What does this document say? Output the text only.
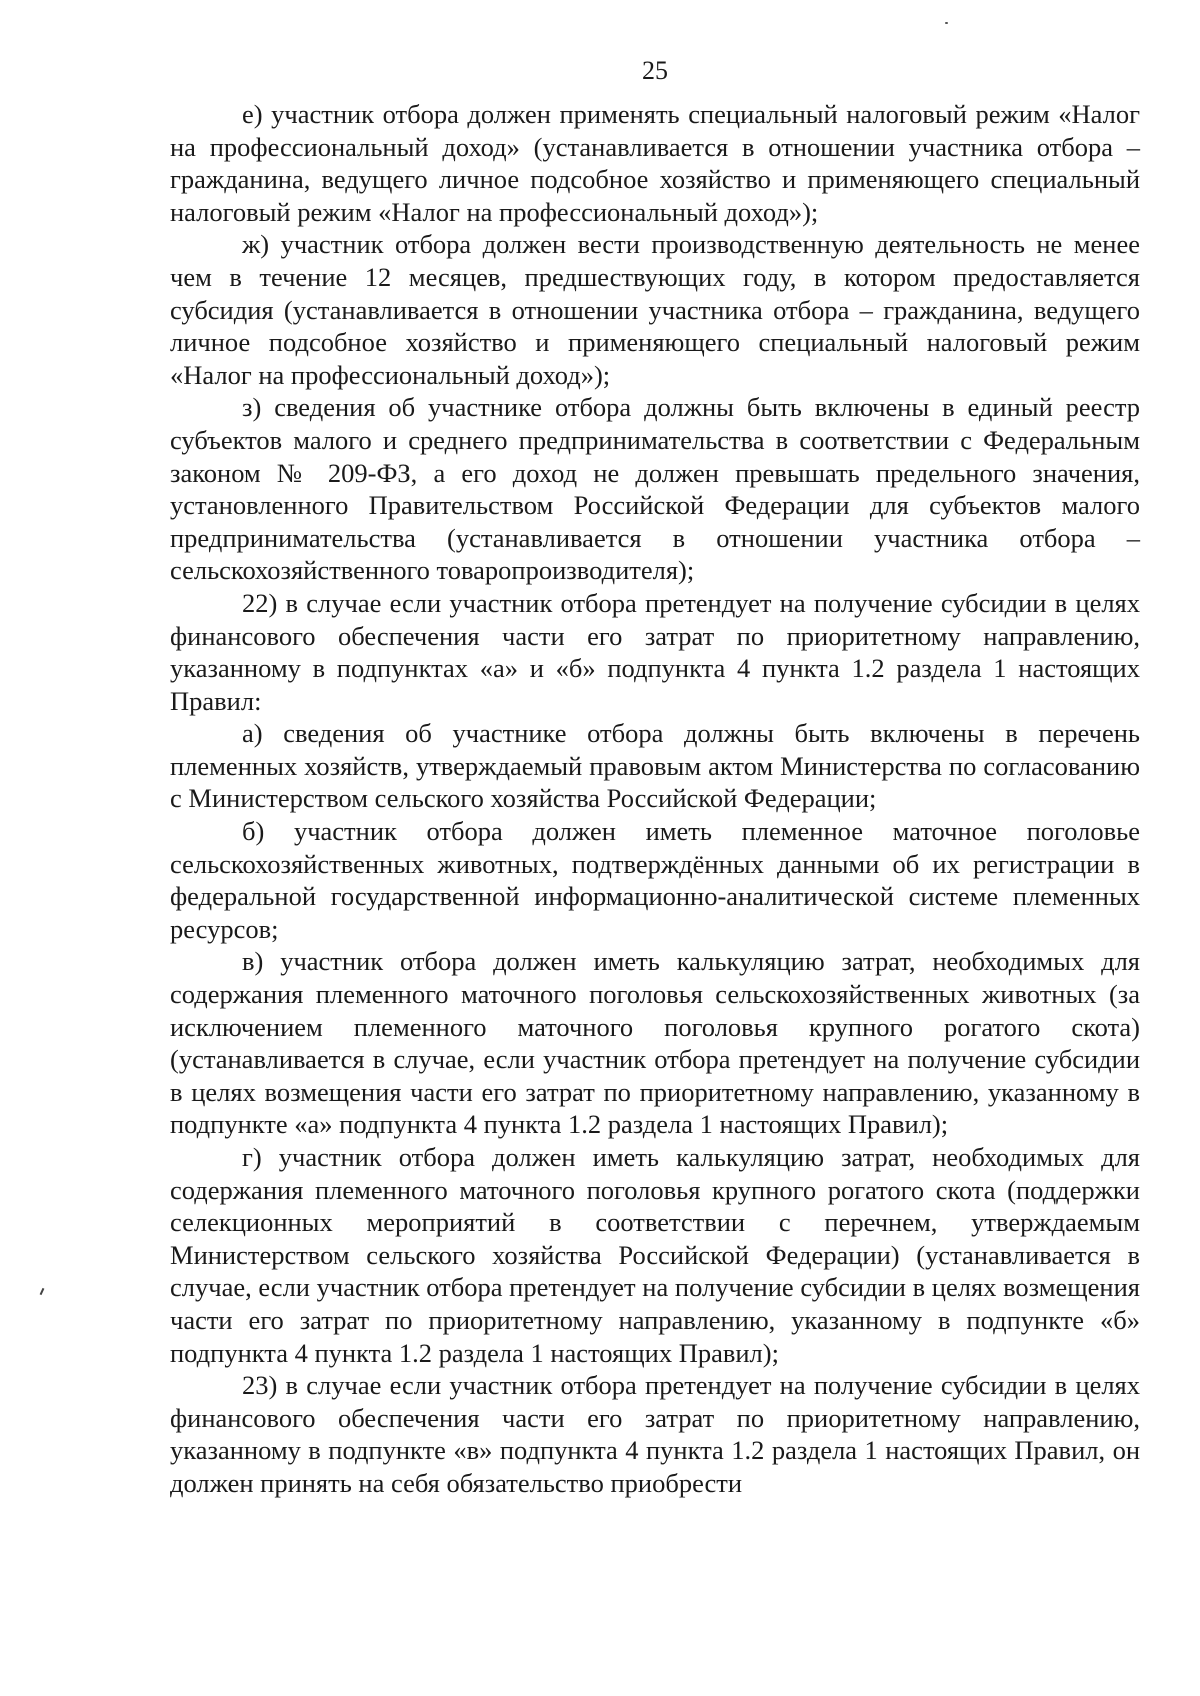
25

е) участник отбора должен применять специальный налоговый режим «Налог на профессиональный доход» (устанавливается в отношении участника отбора – гражданина, ведущего личное подсобное хозяйство и применяющего специальный налоговый режим «Налог на профессиональный доход»);

ж) участник отбора должен вести производственную деятельность не менее чем в течение 12 месяцев, предшествующих году, в котором предоставляется субсидия (устанавливается в отношении участника отбора – гражданина, ведущего личное подсобное хозяйство и применяющего специальный налоговый режим «Налог на профессиональный доход»);

з) сведения об участнике отбора должны быть включены в единый реестр субъектов малого и среднего предпринимательства в соответствии с Федеральным законом № 209-ФЗ, а его доход не должен превышать предельного значения, установленного Правительством Российской Федерации для субъектов малого предпринимательства (устанавливается в отношении участника отбора – сельскохозяйственного товаропроизводителя);

22) в случае если участник отбора претендует на получение субсидии в целях финансового обеспечения части его затрат по приоритетному направлению, указанному в подпунктах «а» и «б» подпункта 4 пункта 1.2 раздела 1 настоящих Правил:

а) сведения об участнике отбора должны быть включены в перечень племенных хозяйств, утверждаемый правовым актом Министерства по согласованию с Министерством сельского хозяйства Российской Федерации;

б) участник отбора должен иметь племенное маточное поголовье сельскохозяйственных животных, подтверждённых данными об их регистрации в федеральной государственной информационно-аналитической системе племенных ресурсов;

в) участник отбора должен иметь калькуляцию затрат, необходимых для содержания племенного маточного поголовья сельскохозяйственных животных (за исключением племенного маточного поголовья крупного рогатого скота) (устанавливается в случае, если участник отбора претендует на получение субсидии в целях возмещения части его затрат по приоритетному направлению, указанному в подпункте «а» подпункта 4 пункта 1.2 раздела 1 настоящих Правил);

г) участник отбора должен иметь калькуляцию затрат, необходимых для содержания племенного маточного поголовья крупного рогатого скота (поддержки селекционных мероприятий в соответствии с перечнем, утверждаемым Министерством сельского хозяйства Российской Федерации) (устанавливается в случае, если участник отбора претендует на получение субсидии в целях возмещения части его затрат по приоритетному направлению, указанному в подпункте «б» подпункта 4 пункта 1.2 раздела 1 настоящих Правил);

23) в случае если участник отбора претендует на получение субсидии в целях финансового обеспечения части его затрат по приоритетному направлению, указанному в подпункте «в» подпункта 4 пункта 1.2 раздела 1 настоящих Правил, он должен принять на себя обязательство приобрести
